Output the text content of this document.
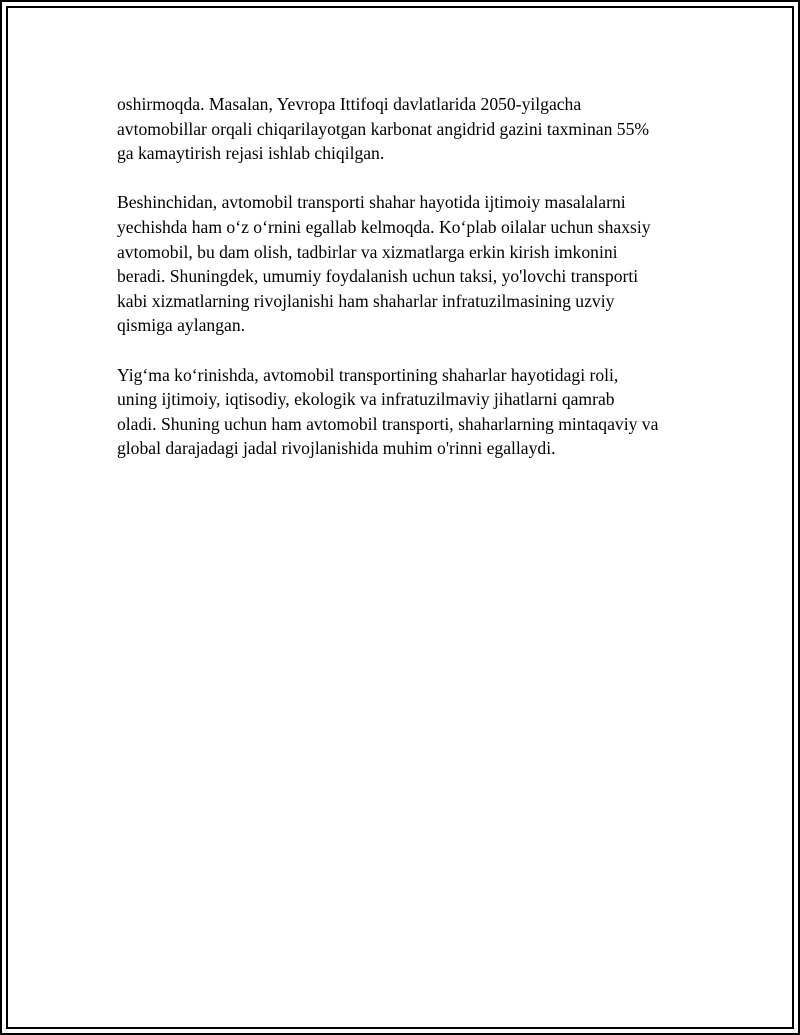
oshirmoqda. Masalan, Yevropa Ittifoqi davlatlarida 2050-yilgacha
avtomobillar orqali chiqarilayotgan karbonat angidrid gazini taxminan 55%
ga kamaytirish rejasi ishlab chiqilgan.

Beshinchidan, avtomobil transporti shahar hayotida ijtimoiy masalalarni
yechishda ham o‘z o‘rnini egallab kelmoqda. Ko‘plab oilalar uchun shaxsiy
avtomobil, bu dam olish, tadbirlar va xizmatlarga erkin kirish imkonini
beradi. Shuningdek, umumiy foydalanish uchun taksi, yo'lovchi transporti
kabi xizmatlarning rivojlanishi ham shaharlar infratuzilmasining uzviy
qismiga aylangan.

Yig‘ma ko‘rinishda, avtomobil transportining shaharlar hayotidagi roli,
uning ijtimoiy, iqtisodiy, ekologik va infratuzilmaviy jihatlarni qamrab
oladi. Shuning uchun ham avtomobil transporti, shaharlarning mintaqaviy va
global darajadagi jadal rivojlanishida muhim o'rinni egallaydi.
